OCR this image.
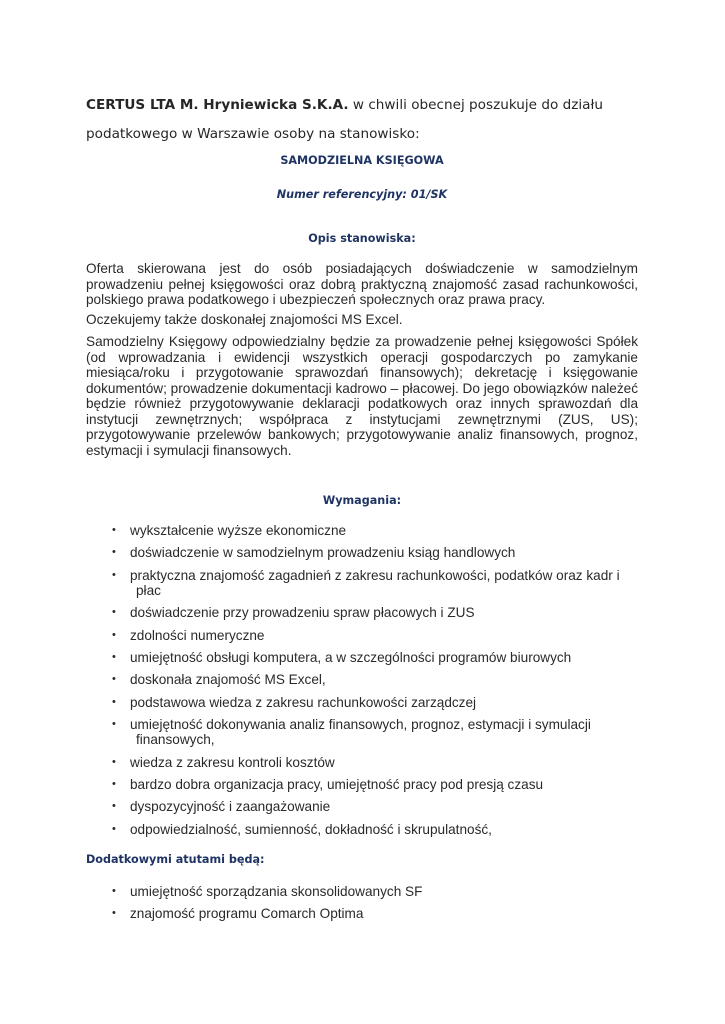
CERTUS LTA M. Hryniewicka S.K.A. w chwili obecnej poszukuje do działu podatkowego w Warszawie osoby na stanowisko:
SAMODZIELNA KSIĘGOWA
Numer referencyjny: 01/SK
Opis stanowiska:

Oferta skierowana jest do osób posiadających doświadczenie w samodzielnym prowadzeniu pełnej księgowości oraz dobrą praktyczną znajomość zasad rachunkowości, polskiego prawa podatkowego i ubezpieczeń społecznych oraz prawa pracy.

Oczekujemy także doskonałej znajomości MS Excel.

Samodzielny Księgowy odpowiedzialny będzie za prowadzenie pełnej księgowości Spółek (od wprowadzania i ewidencji wszystkich operacji gospodarczych po zamykanie miesiąca/roku i przygotowanie sprawozdań finansowych); dekretację i księgowanie dokumentów; prowadzenie dokumentacji kadrowo – płacowej. Do jego obowiązków należeć będzie również przygotowywanie deklaracji podatkowych oraz innych sprawozdań dla instytucji zewnętrznych; współpraca z instytucjami zewnętrznymi (ZUS, US); przygotowywanie przelewów bankowych; przygotowywanie analiz finansowych, prognoz, estymacji i symulacji finansowych.

Wymagania:
• wykształcenie wyższe ekonomiczne
• doświadczenie w samodzielnym prowadzeniu ksiąg handlowych
• praktyczna znajomość zagadnień z zakresu rachunkowości, podatków oraz kadr i
płac
• doświadczenie przy prowadzeniu spraw płacowych i ZUS
• zdolności numeryczne
• umiejętność obsługi komputera, a w szczególności programów biurowych
• doskonała znajomość MS Excel,
• podstawowa wiedza z zakresu rachunkowości zarządczej
• umiejętność dokonywania analiz finansowych, prognoz, estymacji i symulacji
finansowych,
• wiedza z zakresu kontroli kosztów
• bardzo dobra organizacja pracy, umiejętność pracy pod presją czasu
• dyspozycyjność i zaangażowanie
• odpowiedzialność, sumienność, dokładność i skrupulatność,
Dodatkowymi atutami będą:
• umiejętność sporządzania skonsolidowanych SF
• znajomość programu Comarch Optima
